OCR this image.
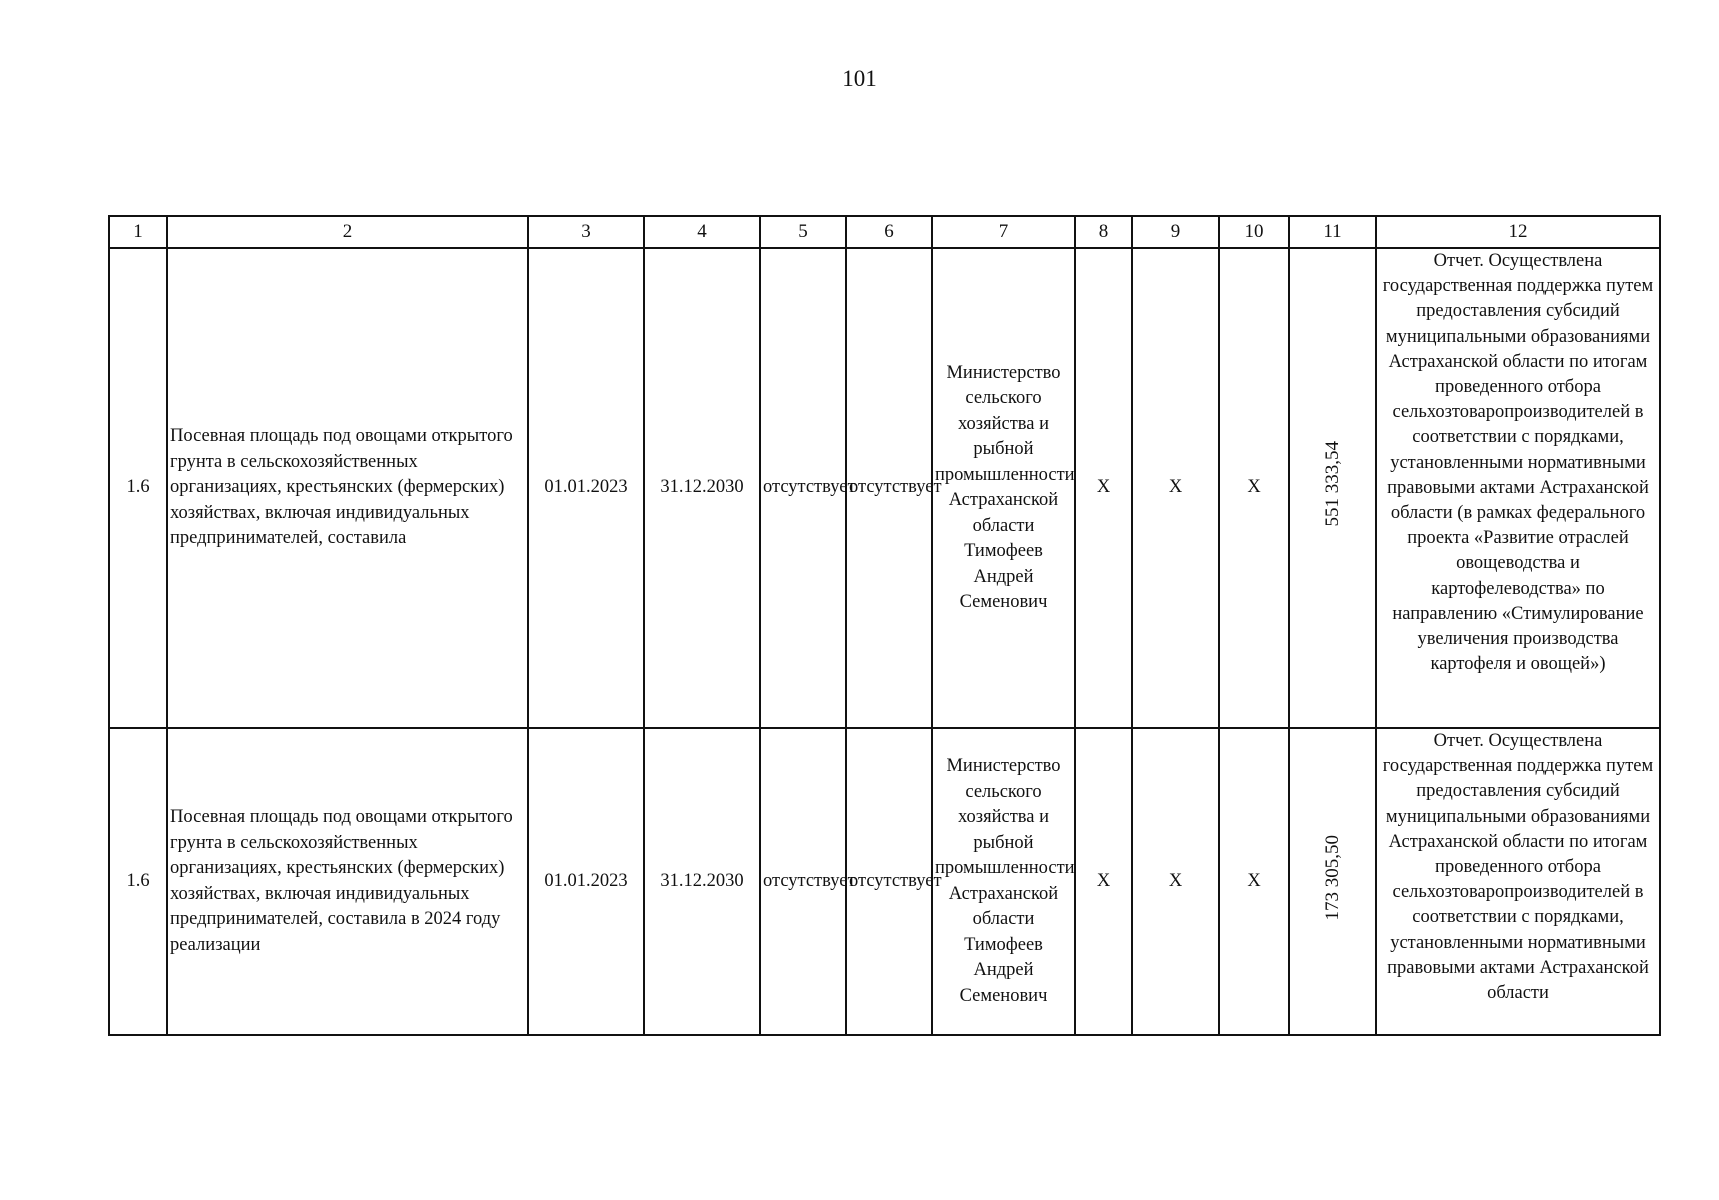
101
1	2	3	4	5	6	7	8	9	10	11	12
1.6	Посевная площадь под овощами открытого грунта в сельскохозяйственных организациях, крестьянских (фермерских) хозяйствах, включая индивидуальных предпринимателей, составила	01.01.2023	31.12.2030	отсутствует	отсутствует	Министерство сельского хозяйства и рыбной промышленности Астраханской области Тимофеев Андрей Семенович	X	X	X	551 333,54	Отчет. Осуществлена государственная поддержка путем предоставления субсидий муниципальными образованиями Астраханской области по итогам проведенного отбора сельхозтоваропроизводителей в соответствии с порядками, установленными нормативными правовыми актами Астраханской области (в рамках федерального проекта «Развитие отраслей овощеводства и картофелеводства» по направлению «Стимулирование увеличения производства картофеля и овощей»)
1.6	Посевная площадь под овощами открытого грунта в сельскохозяйственных организациях, крестьянских (фермерских) хозяйствах, включая индивидуальных предпринимателей, составила в 2024 году реализации	01.01.2023	31.12.2030	отсутствует	отсутствует	Министерство сельского хозяйства и рыбной промышленности Астраханской области Тимофеев Андрей Семенович	X	X	X	173 305,50	Отчет. Осуществлена государственная поддержка путем предоставления субсидий муниципальными образованиями Астраханской области по итогам проведенного отбора сельхозтоваропроизводителей в соответствии с порядками, установленными нормативными правовыми актами Астраханской области
